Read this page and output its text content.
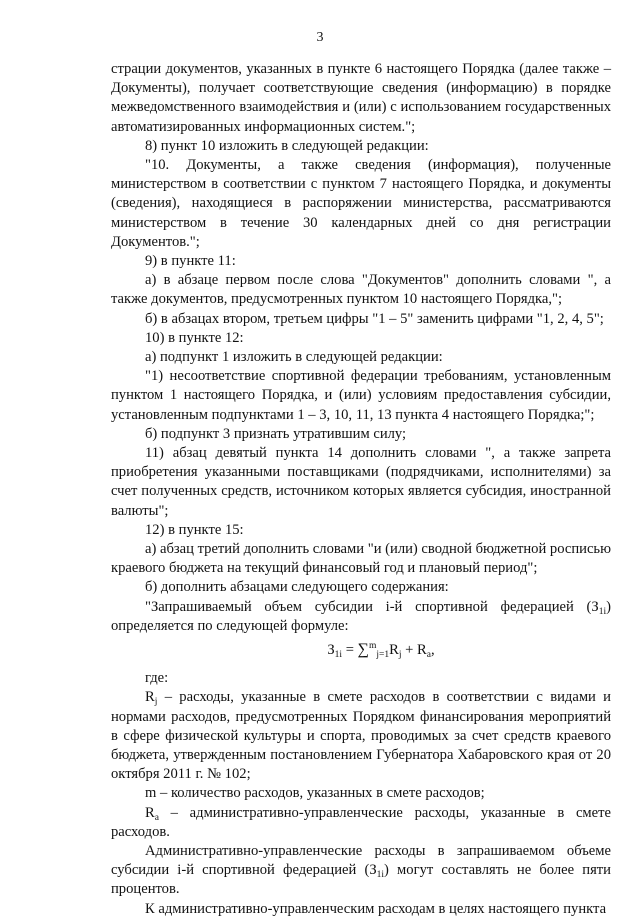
3

страции документов, указанных в пункте 6 настоящего Порядка (далее также – Документы), получает соответствующие сведения (информацию) в порядке межведомственного взаимодействия и (или) с использованием государственных автоматизированных информационных систем.";

8) пункт 10 изложить в следующей редакции:

"10. Документы, а также сведения (информация), полученные министерством в соответствии с пунктом 7 настоящего Порядка, и документы (сведения), находящиеся в распоряжении министерства, рассматриваются министерством в течение 30 календарных дней со дня регистрации Документов.";

9) в пункте 11:

а) в абзаце первом после слова "Документов" дополнить словами ", а также документов, предусмотренных пунктом 10 настоящего Порядка,";

б) в абзацах втором, третьем цифры "1 – 5" заменить цифрами "1, 2, 4, 5";

10) в пункте 12:

а) подпункт 1 изложить в следующей редакции:

"1) несоответствие спортивной федерации требованиям, установленным пунктом 1 настоящего Порядка, и (или) условиям предоставления субсидии, установленным подпунктами 1 – 3, 10, 11, 13 пункта 4 настоящего Порядка;";

б) подпункт 3 признать утратившим силу;

11) абзац девятый пункта 14 дополнить словами ", а также запрета приобретения указанными поставщиками (подрядчиками, исполнителями) за счет полученных средств, источником которых является субсидия, иностранной валюты";

12) в пункте 15:

а) абзац третий дополнить словами "и (или) сводной бюджетной росписью краевого бюджета на текущий финансовый год и плановый период";

б) дополнить абзацами следующего содержания:

"Запрашиваемый объем субсидии i-й спортивной федерацией $(З_{1i})$ определяется по следующей формуле:

$З_{1i} = \sum^m_{j=1}R_j + R_a$,

где:

$R_j$ – расходы, указанные в смете расходов в соответствии с видами и нормами расходов, предусмотренных Порядком финансирования мероприятий в сфере физической культуры и спорта, проводимых за счет средств краевого бюджета, утвержденным постановлением Губернатора Хабаровского края от 20 октября 2011 г. № 102;

m – количество расходов, указанных в смете расходов;

$R_a$ – административно-управленческие расходы, указанные в смете расходов.

Административно-управленческие расходы в запрашиваемом объеме субсидии i-й спортивной федерацией $(З_{1i})$ могут составлять не более пяти процентов.

К административно-управленческим расходам в целях настоящего пункта
